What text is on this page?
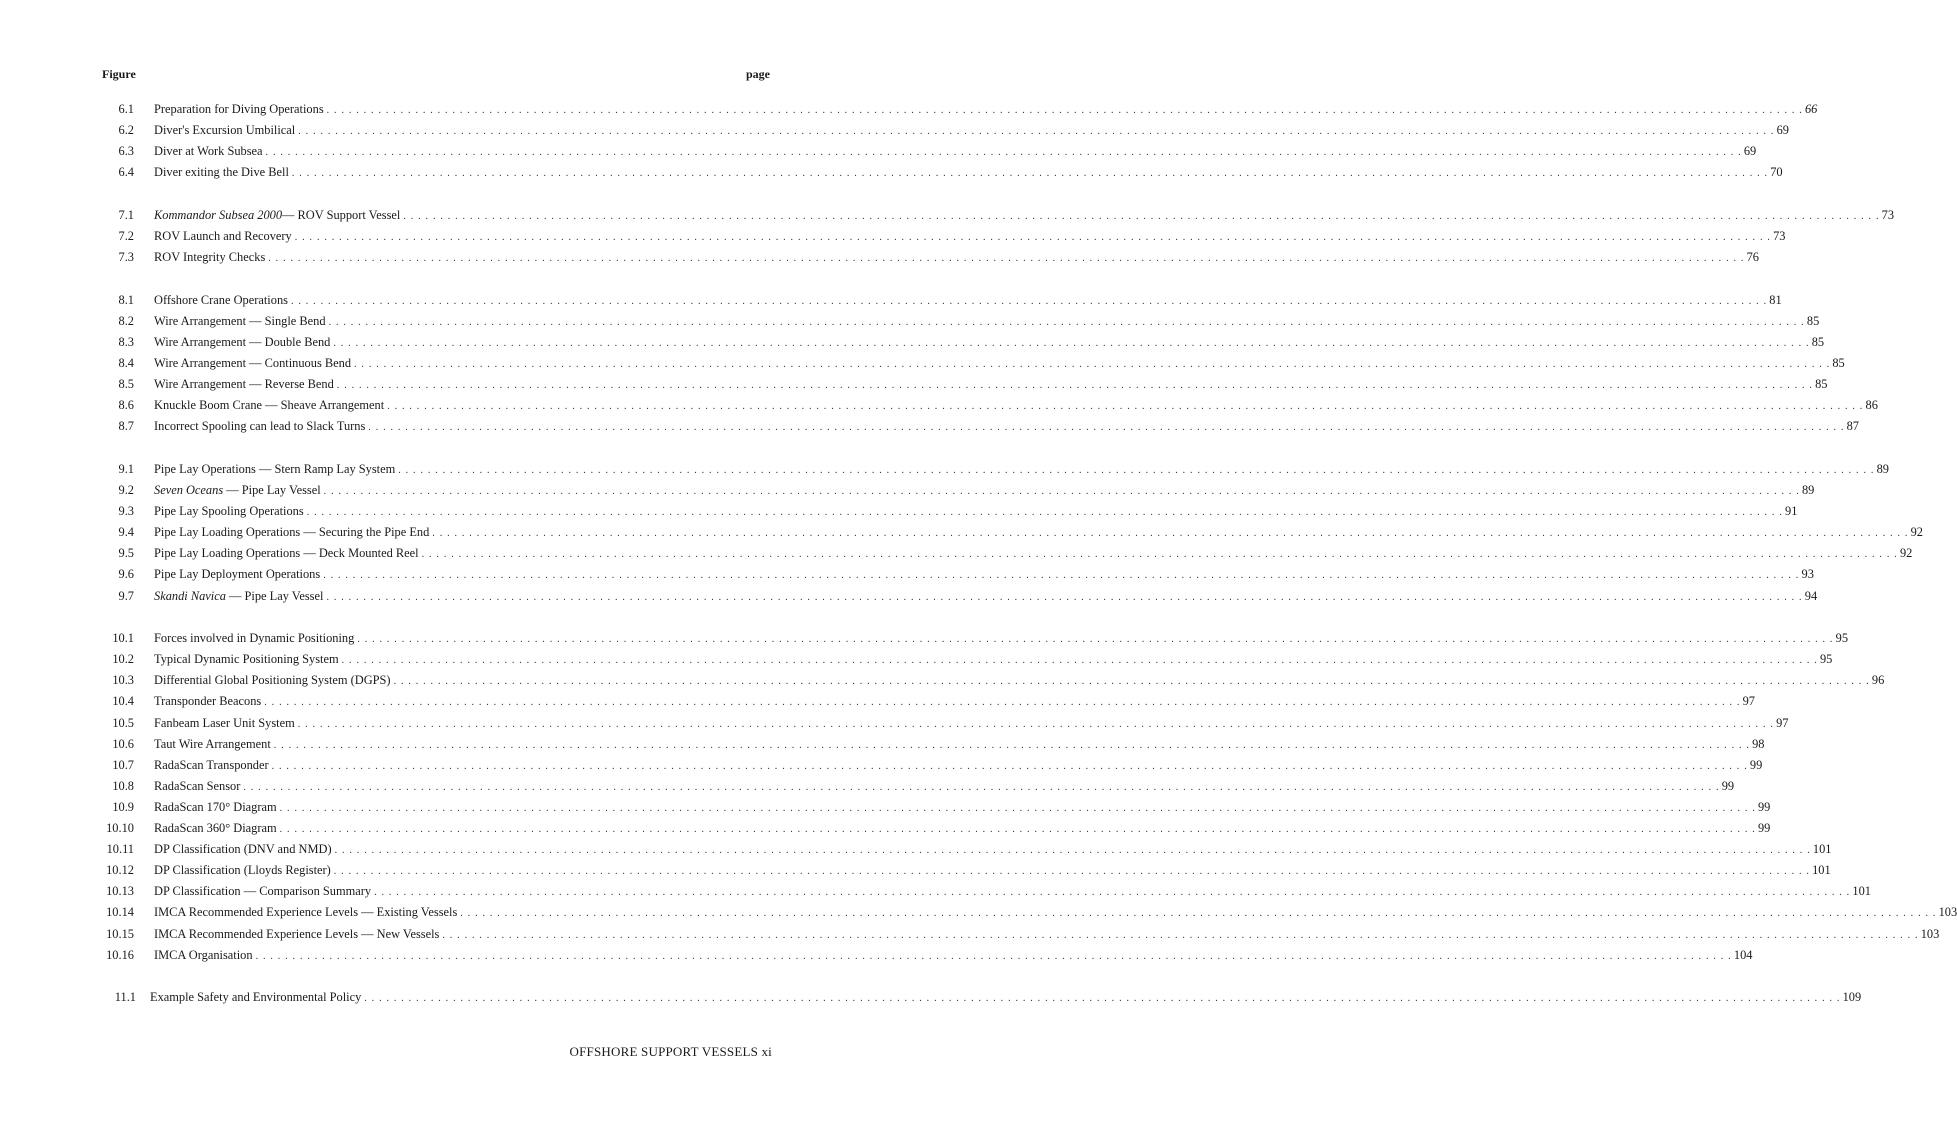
Figure	page
6.1 Preparation for Diving Operations . . . . . . . . . . . . . . . . . . . . . . . . . . . . . . . . . . . . . . . . . . . . . . . . . . . . . . . . . . . . . . . . . . . . . . . . . . . . . . . . . . . . . . . . . . . . . . . . . . . . . . . . . . . . . . . . . . . . . . . . . . . . . . . . . . . . . . . . . . . . . . . . . . . . . . . . . . . . . . . . . . . . . . . . . . . . . . . . . . . . . . . . . . . . . . . . . . . . . . . . 66
6.2 Diver's Excursion Umbilical . . . . . . . . . . . . . . . . . . . . . . . . . . . . . . . . . . . . . . . . . . . . . . . . . . . . . . . . . . . . . . . . . . . . . . . . . . . . . . . . . . . . . . . . . . . . . . . . . . . . . . . . . . . . . . . . . . . . . . . . . . . . . . . . . . . . . . . . . . . . . . . . . . . . . . . . . . . . . . . . . . . . . . . . . . . . . . . . . . . . . . . . . . . . . . . . . . . . . . . . 69
6.3 Diver at Work Subsea . . . . . . . . . . . . . . . . . . . . . . . . . . . . . . . . . . . . . . . . . . . . . . . . . . . . . . . . . . . . . . . . . . . . . . . . . . . . . . . . . . . . . . . . . . . . . . . . . . . . . . . . . . . . . . . . . . . . . . . . . . . . . . . . . . . . . . . . . . . . . . . . . . . . . . . . . . . . . . . . . . . . . . . . . . . . . . . . . . . . . . . . . . . . . . . . . . . . . . . . 69
6.4 Diver exiting the Dive Bell . . . . . . . . . . . . . . . . . . . . . . . . . . . . . . . . . . . . . . . . . . . . . . . . . . . . . . . . . . . . . . . . . . . . . . . . . . . . . . . . . . . . . . . . . . . . . . . . . . . . . . . . . . . . . . . . . . . . . . . . . . . . . . . . . . . . . . . . . . . . . . . . . . . . . . . . . . . . . . . . . . . . . . . . . . . . . . . . . . . . . . . . . . . . . . . . . . . . . . . . 70
7.1 Kommandor Subsea 2000— ROV Support Vessel . . . . . . . . . . . . . . . . . . . . . . . . . . . . . . . . . . . . . . . . . . . . . . . . . . . . . . . . . . . . . . . . . . . . . . . . . . . . . . . . . . . . . . . . . . . . . . . . . . . . . . . . . . . . . . . . . . . . . . . . . . . . . . . . . . . . . . . . . . . . . . . . . . . . . . . . . . . . . . . . . . . . . . . . . . . . . . . . . . . . . . . . . . . . . . . . . . . . . . . . 73
7.2 ROV Launch and Recovery . . . . . . . . . . . . . . . . . . . . . . . . . . . . . . . . . . . . . . . . . . . . . . . . . . . . . . . . . . . . . . . . . . . . . . . . . . . . . . . . . . . . . . . . . . . . . . . . . . . . . . . . . . . . . . . . . . . . . . . . . . . . . . . . . . . . . . . . . . . . . . . . . . . . . . . . . . . . . . . . . . . . . . . . . . . . . . . . . . . . . . . . . . . . . . . . . . . . . . . . 73
7.3 ROV Integrity Checks . . . . . . . . . . . . . . . . . . . . . . . . . . . . . . . . . . . . . . . . . . . . . . . . . . . . . . . . . . . . . . . . . . . . . . . . . . . . . . . . . . . . . . . . . . . . . . . . . . . . . . . . . . . . . . . . . . . . . . . . . . . . . . . . . . . . . . . . . . . . . . . . . . . . . . . . . . . . . . . . . . . . . . . . . . . . . . . . . . . . . . . . . . . . . . . . . . . . . . . . 76
8.1 Offshore Crane Operations . . . . . . . . . . . . . . . . . . . . . . . . . . . . . . . . . . . . . . . . . . . . . . . . . . . . . . . . . . . . . . . . . . . . . . . . . . . . . . . . . . . . . . . . . . . . . . . . . . . . . . . . . . . . . . . . . . . . . . . . . . . . . . . . . . . . . . . . . . . . . . . . . . . . . . . . . . . . . . . . . . . . . . . . . . . . . . . . . . . . . . . . . . . . . . . . . . . . . . . . 81
8.2 Wire Arrangement — Single Bend . . . . . . . . . . . . . . . . . . . . . . . . . . . . . . . . . . . . . . . . . . . . . . . . . . . . . . . . . . . . . . . . . . . . . . . . . . . . . . . . . . . . . . . . . . . . . . . . . . . . . . . . . . . . . . . . . . . . . . . . . . . . . . . . . . . . . . . . . . . . . . . . . . . . . . . . . . . . . . . . . . . . . . . . . . . . . . . . . . . . . . . . . . . . . . . . . . . . . . . . 85
8.3 Wire Arrangement — Double Bend . . . . . . . . . . . . . . . . . . . . . . . . . . . . . . . . . . . . . . . . . . . . . . . . . . . . . . . . . . . . . . . . . . . . . . . . . . . . . . . . . . . . . . . . . . . . . . . . . . . . . . . . . . . . . . . . . . . . . . . . . . . . . . . . . . . . . . . . . . . . . . . . . . . . . . . . . . . . . . . . . . . . . . . . . . . . . . . . . . . . . . . . . . . . . . . . . . . . . . . . 85
8.4 Wire Arrangement — Continuous Bend . . . . . . . . . . . . . . . . . . . . . . . . . . . . . . . . . . . . . . . . . . . . . . . . . . . . . . . . . . . . . . . . . . . . . . . . . . . . . . . . . . . . . . . . . . . . . . . . . . . . . . . . . . . . . . . . . . . . . . . . . . . . . . . . . . . . . . . . . . . . . . . . . . . . . . . . . . . . . . . . . . . . . . . . . . . . . . . . . . . . . . . . . . . . . . . . . . . . . . . . 85
8.5 Wire Arrangement — Reverse Bend . . . . . . . . . . . . . . . . . . . . . . . . . . . . . . . . . . . . . . . . . . . . . . . . . . . . . . . . . . . . . . . . . . . . . . . . . . . . . . . . . . . . . . . . . . . . . . . . . . . . . . . . . . . . . . . . . . . . . . . . . . . . . . . . . . . . . . . . . . . . . . . . . . . . . . . . . . . . . . . . . . . . . . . . . . . . . . . . . . . . . . . . . . . . . . . . . . . . . . . . 85
8.6 Knuckle Boom Crane — Sheave Arrangement . . . . . . . . . . . . . . . . . . . . . . . . . . . . . . . . . . . . . . . . . . . . . . . . . . . . . . . . . . . . . . . . . . . . . . . . . . . . . . . . . . . . . . . . . . . . . . . . . . . . . . . . . . . . . . . . . . . . . . . . . . . . . . . . . . . . . . . . . . . . . . . . . . . . . . . . . . . . . . . . . . . . . . . . . . . . . . . . . . . . . . . . . . . . . . . . . . . . . . . . 86
8.7 Incorrect Spooling can lead to Slack Turns . . . . . . . . . . . . . . . . . . . . . . . . . . . . . . . . . . . . . . . . . . . . . . . . . . . . . . . . . . . . . . . . . . . . . . . . . . . . . . . . . . . . . . . . . . . . . . . . . . . . . . . . . . . . . . . . . . . . . . . . . . . . . . . . . . . . . . . . . . . . . . . . . . . . . . . . . . . . . . . . . . . . . . . . . . . . . . . . . . . . . . . . . . . . . . . . . . . . . . . . 87
9.1 Pipe Lay Operations — Stern Ramp Lay System . . . . . . . . . . . . . . . . . . . . . . . . . . . . . . . . . . . . . . . . . . . . . . . . . . . . . . . . . . . . . . . . . . . . . . . . . . . . . . . . . . . . . . . . . . . . . . . . . . . . . . . . . . . . . . . . . . . . . . . . . . . . . . . . . . . . . . . . . . . . . . . . . . . . . . . . . . . . . . . . . . . . . . . . . . . . . . . . . . . . . . . . . . . . . . . . . . . . . . . . 89
9.2 Seven Oceans — Pipe Lay Vessel . . . . . . . . . . . . . . . . . . . . . . . . . . . . . . . . . . . . . . . . . . . . . . . . . . . . . . . . . . . . . . . . . . . . . . . . . . . . . . . . . . . . . . . . . . . . . . . . . . . . . . . . . . . . . . . . . . . . . . . . . . . . . . . . . . . . . . . . . . . . . . . . . . . . . . . . . . . . . . . . . . . . . . . . . . . . . . . . . . . . . . . . . . . . . . . . . . . . . . . . 89
9.3 Pipe Lay Spooling Operations . . . . . . . . . . . . . . . . . . . . . . . . . . . . . . . . . . . . . . . . . . . . . . . . . . . . . . . . . . . . . . . . . . . . . . . . . . . . . . . . . . . . . . . . . . . . . . . . . . . . . . . . . . . . . . . . . . . . . . . . . . . . . . . . . . . . . . . . . . . . . . . . . . . . . . . . . . . . . . . . . . . . . . . . . . . . . . . . . . . . . . . . . . . . . . . . . . . . . . . . 91
9.4 Pipe Lay Loading Operations — Securing the Pipe End . . . . . . . . . . . . . . . . . . . . . . . . . . . . . . . . . . . . . . . . . . . . . . . . . . . . . . . . . . . . . . . . . . . . . . . . . . . . . . . . . . . . . . . . . . . . . . . . . . . . . . . . . . . . . . . . . . . . . . . . . . . . . . . . . . . . . . . . . . . . . . . . . . . . . . . . . . . . . . . . . . . . . . . . . . . . . . . . . . . . . . . . . . . . . . . . . . . . . . . . 92
9.5 Pipe Lay Loading Operations — Deck Mounted Reel . . . . . . . . . . . . . . . . . . . . . . . . . . . . . . . . . . . . . . . . . . . . . . . . . . . . . . . . . . . . . . . . . . . . . . . . . . . . . . . . . . . . . . . . . . . . . . . . . . . . . . . . . . . . . . . . . . . . . . . . . . . . . . . . . . . . . . . . . . . . . . . . . . . . . . . . . . . . . . . . . . . . . . . . . . . . . . . . . . . . . . . . . . . . . . . . . . . . . . . . 92
9.6 Pipe Lay Deployment Operations . . . . . . . . . . . . . . . . . . . . . . . . . . . . . . . . . . . . . . . . . . . . . . . . . . . . . . . . . . . . . . . . . . . . . . . . . . . . . . . . . . . . . . . . . . . . . . . . . . . . . . . . . . . . . . . . . . . . . . . . . . . . . . . . . . . . . . . . . . . . . . . . . . . . . . . . . . . . . . . . . . . . . . . . . . . . . . . . . . . . . . . . . . . . . . . . . . . . . . . . 93
9.7 Skandi Navica — Pipe Lay Vessel . . . . . . . . . . . . . . . . . . . . . . . . . . . . . . . . . . . . . . . . . . . . . . . . . . . . . . . . . . . . . . . . . . . . . . . . . . . . . . . . . . . . . . . . . . . . . . . . . . . . . . . . . . . . . . . . . . . . . . . . . . . . . . . . . . . . . . . . . . . . . . . . . . . . . . . . . . . . . . . . . . . . . . . . . . . . . . . . . . . . . . . . . . . . . . . . . . . . . . . . 94
10.1 Forces involved in Dynamic Positioning . . . . . . . . . . . . . . . . . . . . . . . . . . . . . . . . . . . . . . . . . . . . . . . . . . . . . . . . . . . . . . . . . . . . . . . . . . . . . . . . . . . . . . . . . . . . . . . . . . . . . . . . . . . . . . . . . . . . . . . . . . . . . . . . . . . . . . . . . . . . . . . . . . . . . . . . . . . . . . . . . . . . . . . . . . . . . . . . . . . . . . . . . . . . . . . . . . . . . . . . 95
10.2 Typical Dynamic Positioning System . . . . . . . . . . . . . . . . . . . . . . . . . . . . . . . . . . . . . . . . . . . . . . . . . . . . . . . . . . . . . . . . . . . . . . . . . . . . . . . . . . . . . . . . . . . . . . . . . . . . . . . . . . . . . . . . . . . . . . . . . . . . . . . . . . . . . . . . . . . . . . . . . . . . . . . . . . . . . . . . . . . . . . . . . . . . . . . . . . . . . . . . . . . . . . . . . . . . . . . . 95
10.3 Differential Global Positioning System (DGPS) . . . . . . . . . . . . . . . . . . . . . . . . . . . . . . . . . . . . . . . . . . . . . . . . . . . . . . . . . . . . . . . . . . . . . . . . . . . . . . . . . . . . . . . . . . . . . . . . . . . . . . . . . . . . . . . . . . . . . . . . . . . . . . . . . . . . . . . . . . . . . . . . . . . . . . . . . . . . . . . . . . . . . . . . . . . . . . . . . . . . . . . . . . . . . . . . . . . . . . . . 96
10.4 Transponder Beacons . . . . . . . . . . . . . . . . . . . . . . . . . . . . . . . . . . . . . . . . . . . . . . . . . . . . . . . . . . . . . . . . . . . . . . . . . . . . . . . . . . . . . . . . . . . . . . . . . . . . . . . . . . . . . . . . . . . . . . . . . . . . . . . . . . . . . . . . . . . . . . . . . . . . . . . . . . . . . . . . . . . . . . . . . . . . . . . . . . . . . . . . . . . . . . . . . . . . . . . . 97
10.5 Fanbeam Laser Unit System . . . . . . . . . . . . . . . . . . . . . . . . . . . . . . . . . . . . . . . . . . . . . . . . . . . . . . . . . . . . . . . . . . . . . . . . . . . . . . . . . . . . . . . . . . . . . . . . . . . . . . . . . . . . . . . . . . . . . . . . . . . . . . . . . . . . . . . . . . . . . . . . . . . . . . . . . . . . . . . . . . . . . . . . . . . . . . . . . . . . . . . . . . . . . . . . . . . . . . . . 97
10.6 Taut Wire Arrangement . . . . . . . . . . . . . . . . . . . . . . . . . . . . . . . . . . . . . . . . . . . . . . . . . . . . . . . . . . . . . . . . . . . . . . . . . . . . . . . . . . . . . . . . . . . . . . . . . . . . . . . . . . . . . . . . . . . . . . . . . . . . . . . . . . . . . . . . . . . . . . . . . . . . . . . . . . . . . . . . . . . . . . . . . . . . . . . . . . . . . . . . . . . . . . . . . . . . . . . . 98
10.7 RadaScan Transponder . . . . . . . . . . . . . . . . . . . . . . . . . . . . . . . . . . . . . . . . . . . . . . . . . . . . . . . . . . . . . . . . . . . . . . . . . . . . . . . . . . . . . . . . . . . . . . . . . . . . . . . . . . . . . . . . . . . . . . . . . . . . . . . . . . . . . . . . . . . . . . . . . . . . . . . . . . . . . . . . . . . . . . . . . . . . . . . . . . . . . . . . . . . . . . . . . . . . . . . . 99
10.8 RadaScan Sensor . . . . . . . . . . . . . . . . . . . . . . . . . . . . . . . . . . . . . . . . . . . . . . . . . . . . . . . . . . . . . . . . . . . . . . . . . . . . . . . . . . . . . . . . . . . . . . . . . . . . . . . . . . . . . . . . . . . . . . . . . . . . . . . . . . . . . . . . . . . . . . . . . . . . . . . . . . . . . . . . . . . . . . . . . . . . . . . . . . . . . . . . . . . . . . . . . . . . . . . . 99
10.9 RadaScan 170° Diagram . . . . . . . . . . . . . . . . . . . . . . . . . . . . . . . . . . . . . . . . . . . . . . . . . . . . . . . . . . . . . . . . . . . . . . . . . . . . . . . . . . . . . . . . . . . . . . . . . . . . . . . . . . . . . . . . . . . . . . . . . . . . . . . . . . . . . . . . . . . . . . . . . . . . . . . . . . . . . . . . . . . . . . . . . . . . . . . . . . . . . . . . . . . . . . . . . . . . . . . . 99
10.10 RadaScan 360° Diagram . . . . . . . . . . . . . . . . . . . . . . . . . . . . . . . . . . . . . . . . . . . . . . . . . . . . . . . . . . . . . . . . . . . . . . . . . . . . . . . . . . . . . . . . . . . . . . . . . . . . . . . . . . . . . . . . . . . . . . . . . . . . . . . . . . . . . . . . . . . . . . . . . . . . . . . . . . . . . . . . . . . . . . . . . . . . . . . . . . . . . . . . . . . . . . . . . . . . . . . . 99
10.11 DP Classification (DNV and NMD) . . . . . . . . . . . . . . . . . . . . . . . . . . . . . . . . . . . . . . . . . . . . . . . . . . . . . . . . . . . . . . . . . . . . . . . . . . . . . . . . . . . . . . . . . . . . . . . . . . . . . . . . . . . . . . . . . . . . . . . . . . . . . . . . . . . . . . . . . . . . . . . . . . . . . . . . . . . . . . . . . . . . . . . . . . . . . . . . . . . . . . . . . . . . . . . . . . . . . . . . 101
10.12 DP Classification (Lloyds Register) . . . . . . . . . . . . . . . . . . . . . . . . . . . . . . . . . . . . . . . . . . . . . . . . . . . . . . . . . . . . . . . . . . . . . . . . . . . . . . . . . . . . . . . . . . . . . . . . . . . . . . . . . . . . . . . . . . . . . . . . . . . . . . . . . . . . . . . . . . . . . . . . . . . . . . . . . . . . . . . . . . . . . . . . . . . . . . . . . . . . . . . . . . . . . . . . . . . . . . . . 101
10.13 DP Classification — Comparison Summary . . . . . . . . . . . . . . . . . . . . . . . . . . . . . . . . . . . . . . . . . . . . . . . . . . . . . . . . . . . . . . . . . . . . . . . . . . . . . . . . . . . . . . . . . . . . . . . . . . . . . . . . . . . . . . . . . . . . . . . . . . . . . . . . . . . . . . . . . . . . . . . . . . . . . . . . . . . . . . . . . . . . . . . . . . . . . . . . . . . . . . . . . . . . . . . . . . . . . . . . 101
10.14 IMCA Recommended Experience Levels — Existing Vessels . . . . . . . . . . . . . . . . . . . . . . . . . . . . . . . . . . . . . . . . . . . . . . . . . . . . . . . . . . . . . . . . . . . . . . . . . . . . . . . . . . . . . . . . . . . . . . . . . . . . . . . . . . . . . . . . . . . . . . . . . . . . . . . . . . . . . . . . . . . . . . . . . . . . . . . . . . . . . . . . . . . . . . . . . . . . . . . . . . . . . . . . . . . . . . . . . . . . . . . . 103
10.15 IMCA Recommended Experience Levels — New Vessels . . . . . . . . . . . . . . . . . . . . . . . . . . . . . . . . . . . . . . . . . . . . . . . . . . . . . . . . . . . . . . . . . . . . . . . . . . . . . . . . . . . . . . . . . . . . . . . . . . . . . . . . . . . . . . . . . . . . . . . . . . . . . . . . . . . . . . . . . . . . . . . . . . . . . . . . . . . . . . . . . . . . . . . . . . . . . . . . . . . . . . . . . . . . . . . . . . . . . . . . 103
10.16 IMCA Organisation . . . . . . . . . . . . . . . . . . . . . . . . . . . . . . . . . . . . . . . . . . . . . . . . . . . . . . . . . . . . . . . . . . . . . . . . . . . . . . . . . . . . . . . . . . . . . . . . . . . . . . . . . . . . . . . . . . . . . . . . . . . . . . . . . . . . . . . . . . . . . . . . . . . . . . . . . . . . . . . . . . . . . . . . . . . . . . . . . . . . . . . . . . . . . . . . . . . . . . . . 104
11.1 Example Safety and Environmental Policy . . . . . . . . . . . . . . . . . . . . . . . . . . . . . . . . . . . . . . . . . . . . . . . . . . . . . . . . . . . . . . . . . . . . . . . . . . . . . . . . . . . . . . . . . . . . . . . . . . . . . . . . . . . . . . . . . . . . . . . . . . . . . . . . . . . . . . . . . . . . . . . . . . . . . . . . . . . . . . . . . . . . . . . . . . . . . . . . . . . . . . . . . . . . . . . . . . . . . . . . 109
OFFSHORE SUPPORT VESSELS xi
